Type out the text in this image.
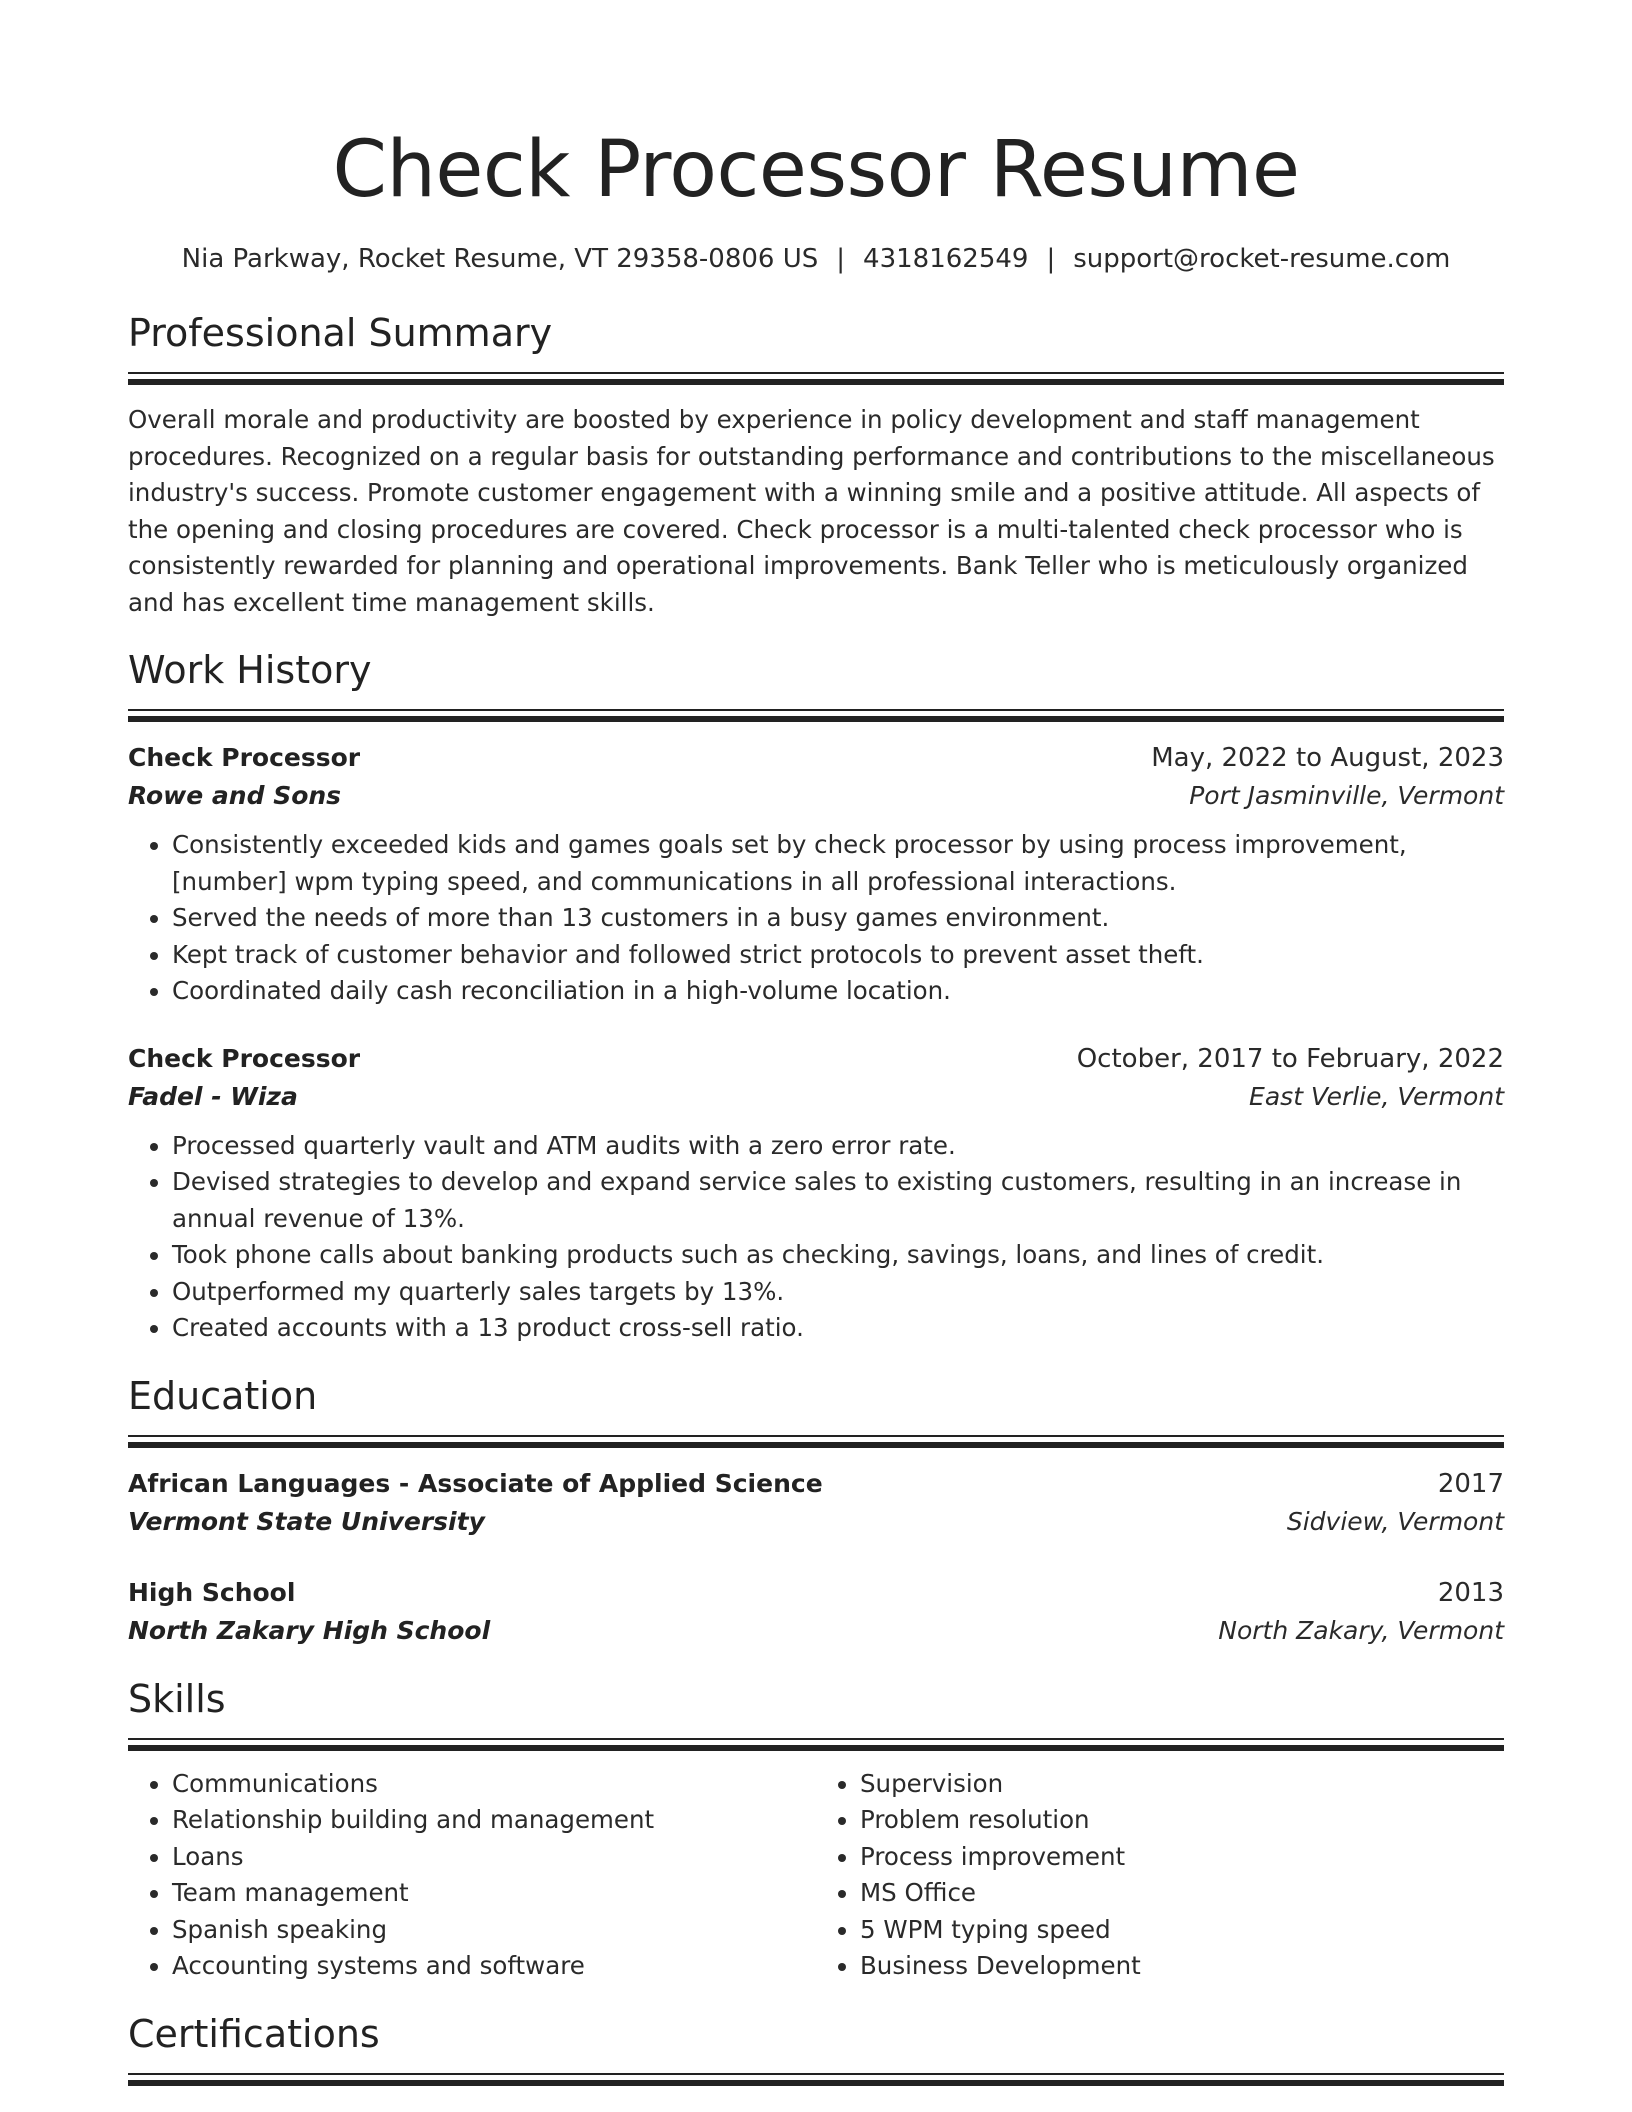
Check Processor Resume
Nia Parkway, Rocket Resume, VT 29358-0806 US | 4318162549 | support@rocket-resume.com
Professional Summary

Overall morale and productivity are boosted by experience in policy development and staff management procedures. Recognized on a regular basis for outstanding performance and contributions to the miscellaneous industry's success. Promote customer engagement with a winning smile and a positive attitude. All aspects of the opening and closing procedures are covered. Check processor is a multi-talented check processor who is consistently rewarded for planning and operational improvements. Bank Teller who is meticulously organized and has excellent time management skills.

Work History
Check Processor	May, 2022 to August, 2023
Rowe and Sons	Port Jasminville, Vermont
• Consistently exceeded kids and games goals set by check processor by using process improvement, [number] wpm typing speed, and communications in all professional interactions.
• Served the needs of more than 13 customers in a busy games environment.
• Kept track of customer behavior and followed strict protocols to prevent asset theft.
• Coordinated daily cash reconciliation in a high-volume location.
Check Processor	October, 2017 to February, 2022
Fadel - Wiza	East Verlie, Vermont
• Processed quarterly vault and ATM audits with a zero error rate.
• Devised strategies to develop and expand service sales to existing customers, resulting in an increase in annual revenue of 13%.
• Took phone calls about banking products such as checking, savings, loans, and lines of credit.
• Outperformed my quarterly sales targets by 13%.
• Created accounts with a 13 product cross-sell ratio.
Education
African Languages - Associate of Applied Science	2017
Vermont State University	Sidview, Vermont
High School	2013
North Zakary High School	North Zakary, Vermont
Skills
• Communications
• Relationship building and management
• Loans
• Team management
• Spanish speaking
• Accounting systems and software
• Supervision
• Problem resolution
• Process improvement
• MS Office
• 5 WPM typing speed
• Business Development
Certifications
